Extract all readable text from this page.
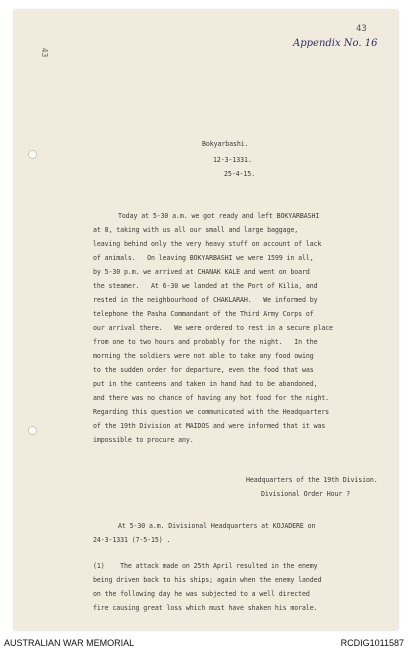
43
43
Appendix No. 16
Bokyarbashi.
12-3-1331.
25-4-15.
Today at 5-30 a.m. we got ready and left BOKYARBASHI
at 8, taking with us all our small and large baggage,
leaving behind only the very heavy stuff on account of lack
of animals.   On leaving BOKYARBASHI we were 1599 in all,
by 5-30 p.m. we arrived at CHANAK KALE and went on board
the steamer.   At 6-30 we landed at the Port of Kilia, and
rested in the neighbourhood of CHAKLARAH.   We informed by
telephone the Pasha Commandant of the Third Army Corps of
our arrival there.   We were ordered to rest in a secure place
from one to two hours and probably for the night.   In the
morning the soldiers were not able to take any food owing
to the sudden order for departure, even the food that was
put in the canteens and taken in hand had to be abandoned,
and there was no chance of having any hot food for the night.
Regarding this question we communicated with the Headquarters
of the 19th Division at MAIDOS and were informed that it was
impossible to procure any.
Headquarters of the 19th Division.
Divisional Order Hour ?
At 5-30 a.m. Divisional Headquarters at KOJADERE on
24-3-1331 (7-5-15) .
(1)    The attack made on 25th April resulted in the enemy
being driven back to his ships; again when the enemy landed
on the following day he was subjected to a well directed
fire causing great loss which must have shaken his morale.
AUSTRALIAN WAR MEMORIAL	RCDIG1011587
